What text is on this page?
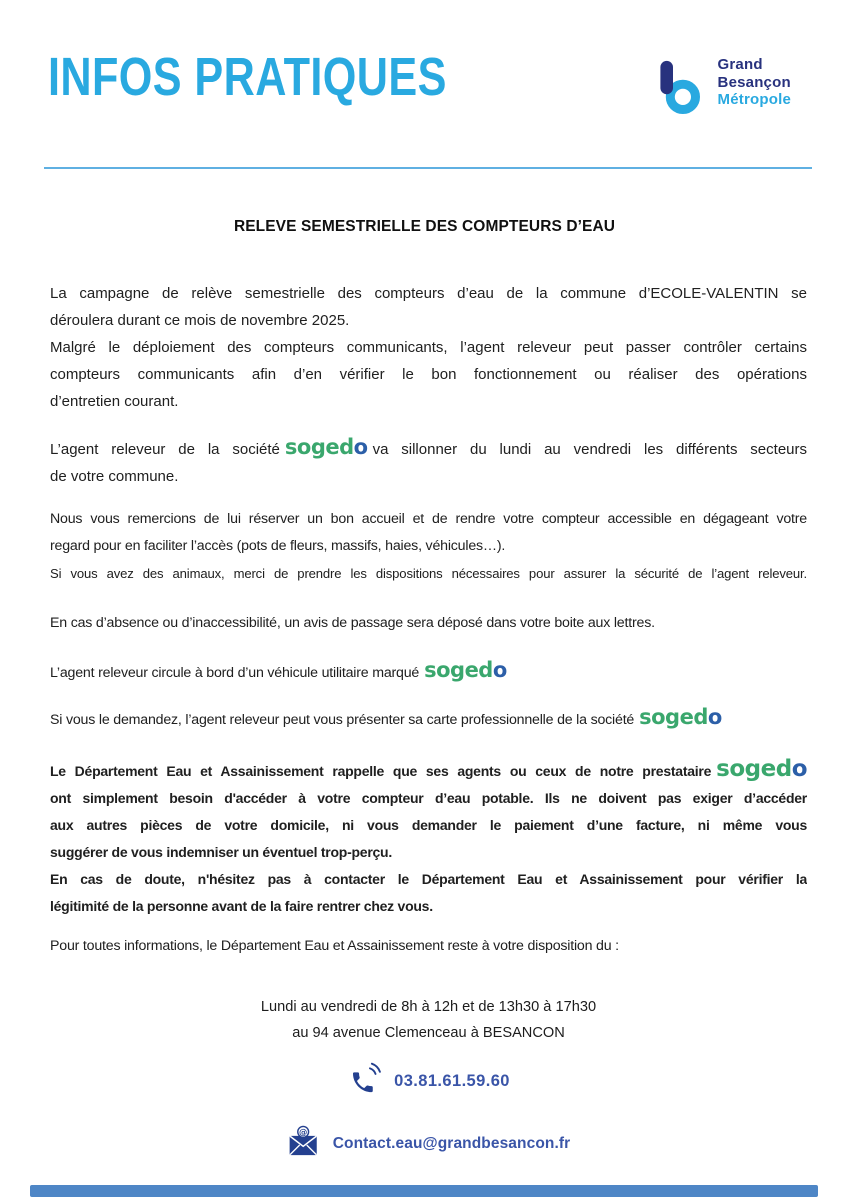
INFOS PRATIQUES	Grand
Besançon
Métropole
RELEVE SEMESTRIELLE DES COMPTEURS D’EAU
La campagne de relève semestrielle des compteurs d’eau de la commune d’ECOLE-VALENTIN se
déroulera durant ce mois de novembre 2025.
Malgré le déploiement des compteurs communicants, l’agent releveur peut passer contrôler certains
compteurs communicants afin d’en vérifier le bon fonctionnement ou réaliser des opérations
d’entretien courant.
L’agent releveur de la société sogedo va sillonner du lundi au vendredi les différents secteurs
de votre commune.
Nous vous remercions de lui réserver un bon accueil et de rendre votre compteur accessible en dégageant votre
regard pour en faciliter l’accès (pots de fleurs, massifs, haies, véhicules…).
Si vous avez des animaux, merci de prendre les dispositions nécessaires pour assurer la sécurité de l’agent releveur.
En cas d’absence ou d’inaccessibilité, un avis de passage sera déposé dans votre boite aux lettres.
L’agent releveur circule à bord d’un véhicule utilitaire marqué sogedo
Si vous le demandez, l’agent releveur peut vous présenter sa carte professionnelle de la société sogedo
Le Département Eau et Assainissement rappelle que ses agents ou ceux de notre prestataire sogedo
ont simplement besoin d'accéder à votre compteur d’eau potable. Ils ne doivent pas exiger d’accéder
aux autres pièces de votre domicile, ni vous demander le paiement d’une facture, ni même vous
suggérer de vous indemniser un éventuel trop-perçu.
En cas de doute, n'hésitez pas à contacter le Département Eau et Assainissement pour vérifier la
légitimité de la personne avant de la faire rentrer chez vous.
Pour toutes informations, le Département Eau et Assainissement reste à votre disposition du :
Lundi au vendredi de 8h à 12h et de 13h30 à 17h30
au 94 avenue Clemenceau à BESANCON
03.81.61.59.60
@
Contact.eau@grandbesancon.fr
